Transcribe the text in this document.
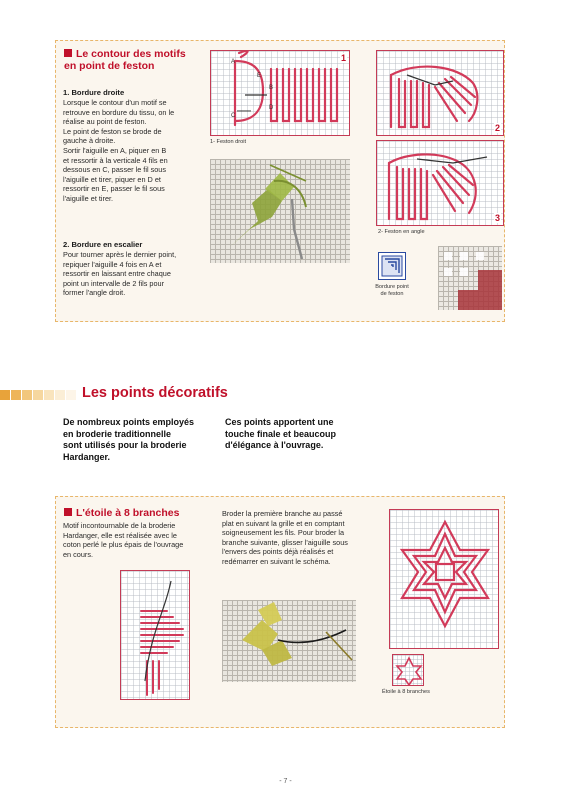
Le contour des motifs
en point de feston
1. Bordure droite
Lorsque le contour d'un motif se
retrouve en bordure du tissu, on le
réalise au point de feston.
Le point de feston se brode de
gauche à droite.
Sortir l'aiguille en A, piquer en B
et ressortir à la verticale 4 fils en
dessous en C, passer le fil sous
l'aiguille et tirer, piquer en D et
ressortir en E, passer le fil sous
l'aiguille et tirer.
2. Bordure en escalier
Pour tourner après le dernier point,
repiquer l'aiguille 4 fois en A et
ressortir en laissant entre chaque
point un intervalle de 2 fils pour
former l'angle droit.
B
D
A
C
E
1
1- Feston droit
2
3
2- Feston en angle
Bordure point
de feston
Les points décoratifs
De nombreux points employés
en broderie traditionnelle
sont utilisés pour la broderie
Hardanger.
Ces points apportent une
touche finale et beaucoup
d'élégance à l'ouvrage.
L'étoile à 8 branches
Motif incontournable de la broderie
Hardanger, elle est réalisée avec le
coton perlé le plus épais de l'ouvrage
en cours.
Broder la première branche au passé
plat en suivant la grille et en comptant
soigneusement les fils. Pour broder la
branche suivante, glisser l'aiguille sous
l'envers des points déjà réalisés et
redémarrer en suivant le schéma.
Étoile à 8 branches
- 7 -
